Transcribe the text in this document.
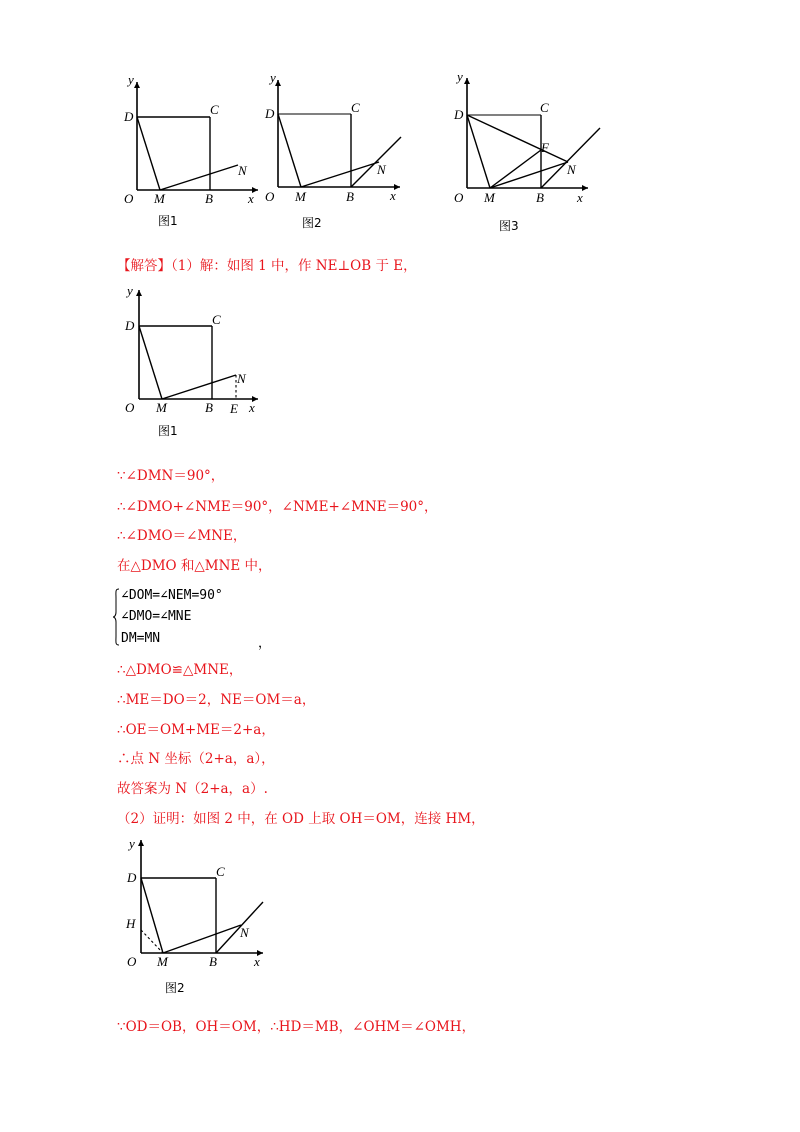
y
D	C
O M	B
N
x
图1
y
D	C
O M	B
N
x
图2
y
D	C
F
O M	B
N
x
图3
【解答】（1）解：如图 1 中，作 NE⊥OB 于 E，
y
D	C
O M	B
N
E x
图1
∵∠DMN＝90°，
∴∠DMO+∠NME＝90°，∠NME+∠MNE＝90°，
∴∠DMO＝∠MNE，
在△DMO 和△MNE 中，
∠DOM=∠NEM=90°
∠DMO=∠MNE
DM=MN	，
∴△DMO≌△MNE，
∴ME＝DO＝2，NE＝OM＝a，
∴OE＝OM+ME＝2+a，
∴点 N 坐标（2+a，a），
故答案为 N（2+a，a）.
（2）证明：如图 2 中，在 OD 上取 OH＝OM，连接 HM，
y
D	C
H
O M	B
N
x
图2
∵OD＝OB，OH＝OM，∴HD＝MB，∠OHM＝∠OMH，
